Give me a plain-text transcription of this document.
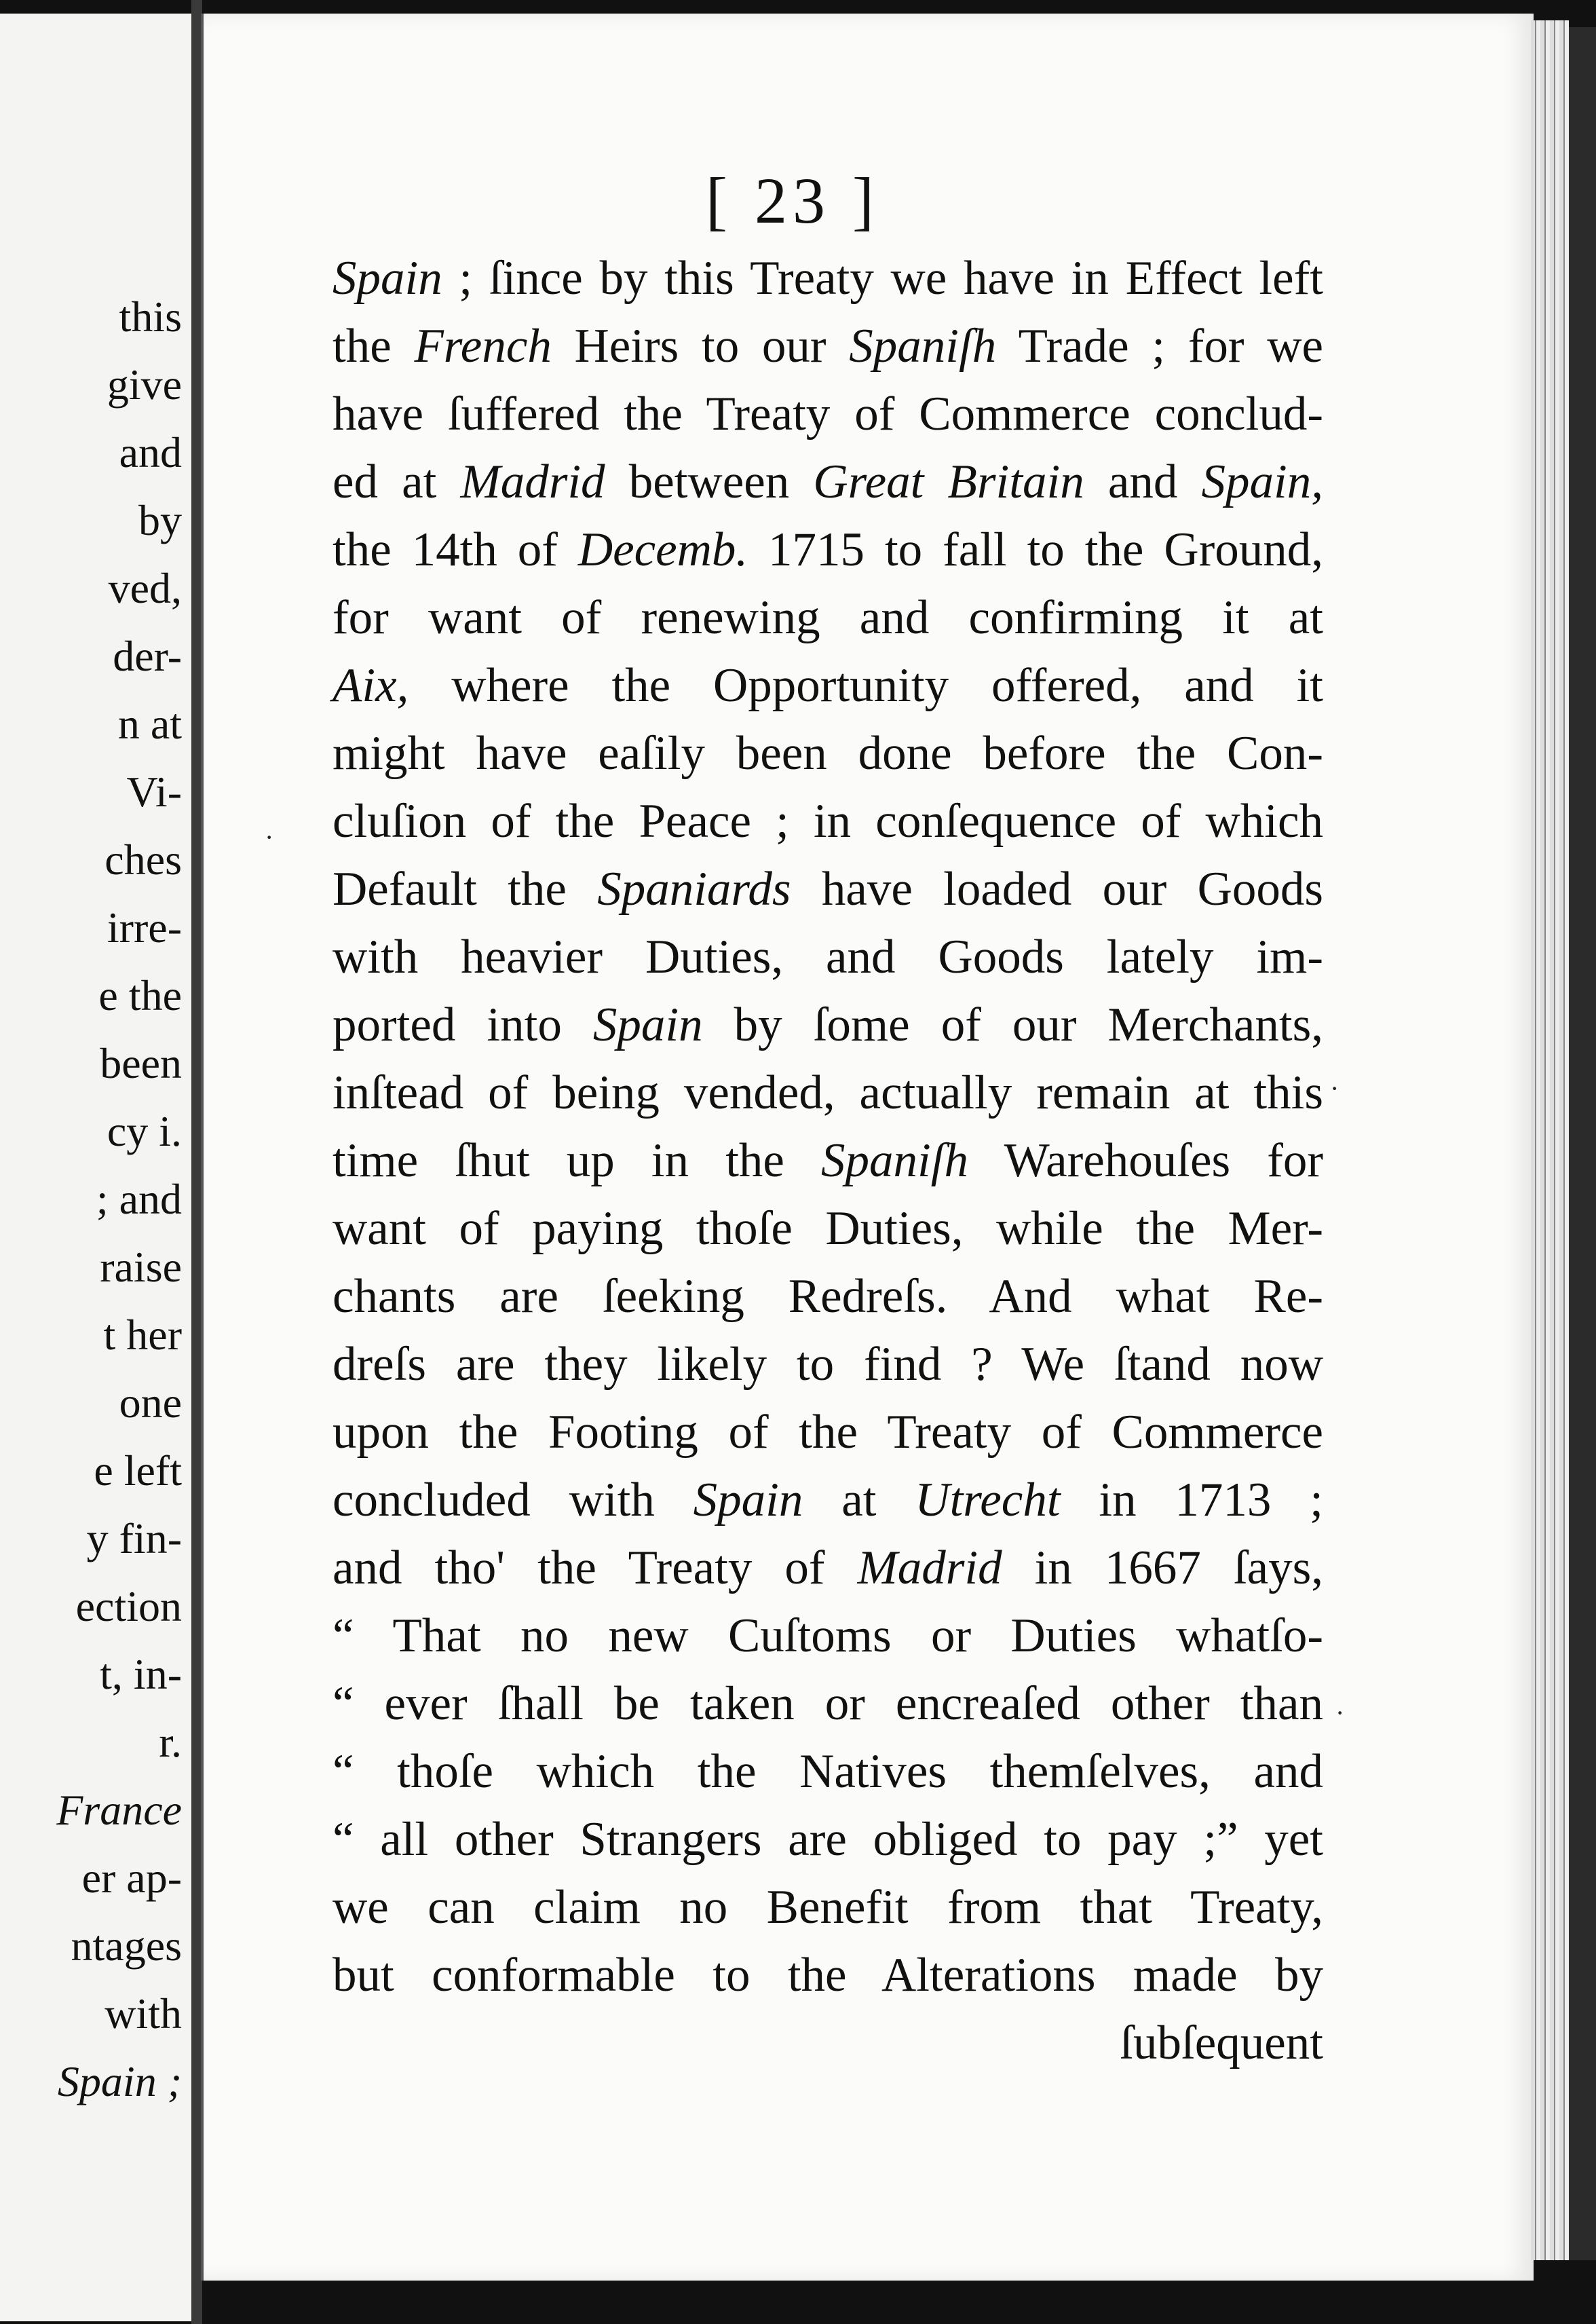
this
give
and
by
ved,
der-
n at
Vi-
ches
irre-
e the
been
cy i.
; and
raise
t her
one
e left
y fin-
ection
t, in-
r.
France
er ap-
ntages
with
Spain ;
[ 23 ]
Spain ; ſince by this Treaty we have in Effect left
the French Heirs to our Spaniſh Trade ; for we
have ſuffered the Treaty of Commerce conclud-
ed at Madrid between Great Britain and Spain,
the 14th of Decemb. 1715 to fall to the Ground,
for want of renewing and confirming it at
Aix, where the Opportunity offered, and it
might have eaſily been done before the Con-
cluſion of the Peace ; in conſequence of which
Default the Spaniards have loaded our Goods
with heavier Duties, and Goods lately im-
ported into Spain by ſome of our Merchants,
inſtead of being vended, actually remain at this
time ſhut up in the Spaniſh Warehouſes for
want of paying thoſe Duties, while the Mer-
chants are ſeeking Redreſs. And what Re-
dreſs are they likely to find ? We ſtand now
upon the Footing of the Treaty of Commerce
concluded with Spain at Utrecht in 1713 ;
and tho' the Treaty of Madrid in 1667 ſays,
“ That no new Cuſtoms or Duties whatſo-
“ ever ſhall be taken or encreaſed other than
“ thoſe which the Natives themſelves, and
“ all other Strangers are obliged to pay ;” yet
we can claim no Benefit from that Treaty,
but conformable to the Alterations made by
ſubſequent
·
·
·
